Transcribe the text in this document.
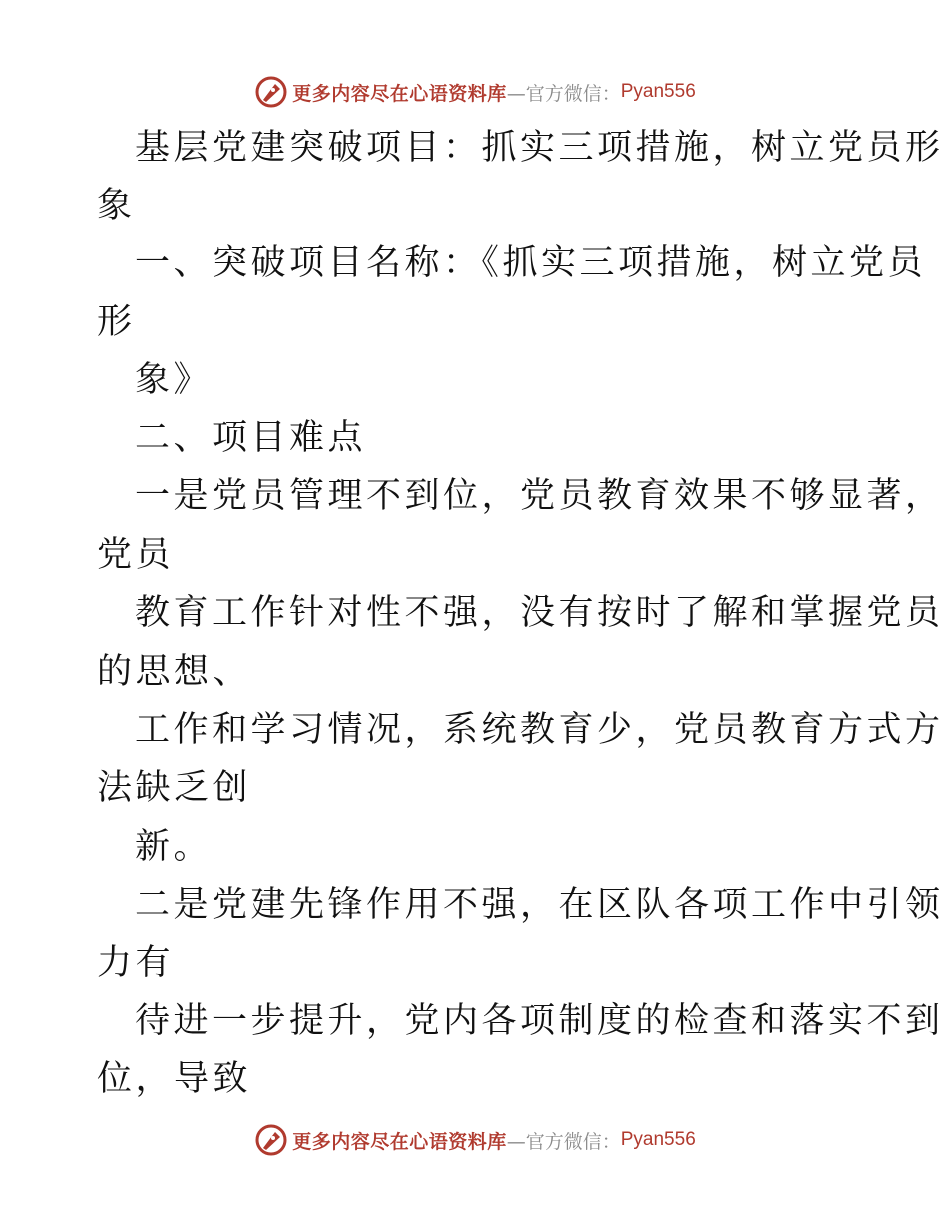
更多内容尽在心语资料库 —官方微信： Pyan556
基层党建突破项目：抓实三项措施，树立党员形
象
一、突破项目名称：《抓实三项措施，树立党员
形
象》
二、项目难点
一是党员管理不到位，党员教育效果不够显著，
党员
教育工作针对性不强，没有按时了解和掌握党员
的思想、
工作和学习情况，系统教育少，党员教育方式方
法缺乏创
新。
二是党建先锋作用不强，在区队各项工作中引领
力有
待进一步提升，党内各项制度的检查和落实不到
位，导致
更多内容尽在心语资料库 —官方微信： Pyan556
